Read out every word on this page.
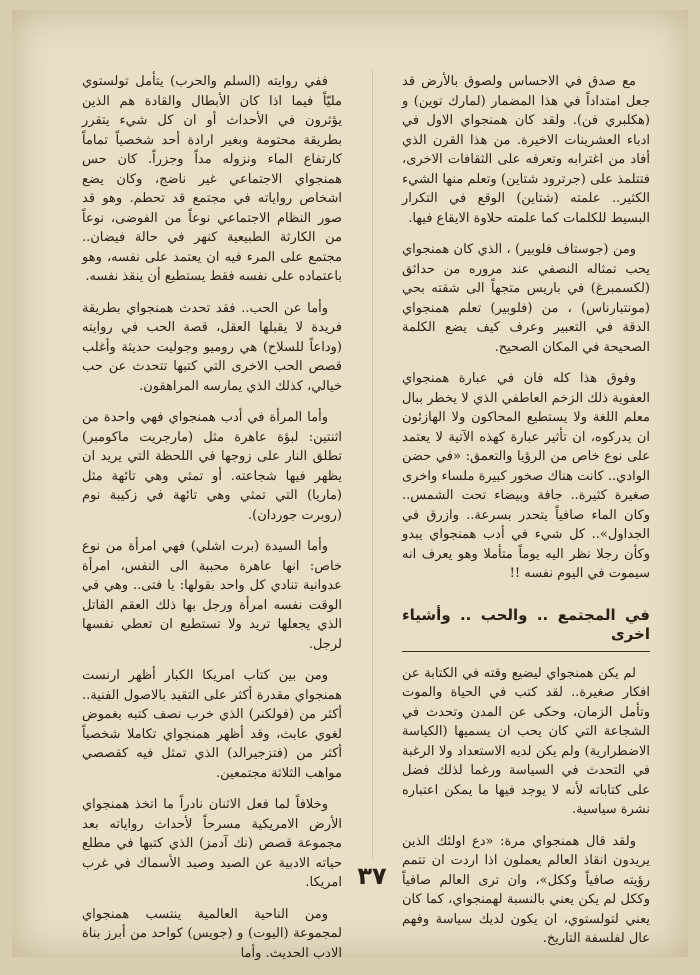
مع صدق في الاحساس ولصوق بالأرض قد جعل امتداداً في هذا المضمار (لمارك توين) و (هكلبري فن). ولقد كان همنجواي الاول في ادباء العشرينات الاخيرة. من هذا القرن الذي أفاد من اغترابه وتعرفه على الثقافات الاخرى، فتتلمذ على (جرترود شتاين) وتعلم منها الشيء الكثير.. علمته (شتاين) الوقع في التكرار البسيط للكلمات كما علمته حلاوة الايقاع فيها.

ومن (جوستاف فلوبير) ، الذي كان همنجواي يحب تمثاله النصفي عند مروره من حدائق (لكسمبرغ) في باريس متجهاً الى شقته بحي (مونتبارناس) ، من (فلوبير) تعلم همنجواي الدقة في التعبير وعرف كيف يضع الكلمة الصحيحة في المكان الصحيح.

وفوق هذا كله فان في عبارة همنجواي العفوية ذلك الزخم العاطفي الذي لا يخطر ببال معلم اللغة ولا يستطيع المحاكون ولا الهازئون ان يدركوه، ان تأثير عبارة كهذه الآتية لا يعتمد على نوع خاص من الرؤيا والتعمق: «في حضن الوادي.. كانت هناك صخور كبيرة ملساء واخرى صغيرة كثيرة.. جافة وبيضاء تحت الشمس.. وكان الماء صافياً يتحدر بسرعة.. وازرق في الجداول».. كل شيء في أدب همنجواي يبدو وكأن رجلا نظر اليه يوماً متأملا وهو يعرف انه سيموت في اليوم نفسه !!

في المجتمع .. والحب .. وأشياء اخرى

لم يكن همنجواي ليضيع وقته في الكتابة عن افكار صغيرة.. لقد كتب في الحياة والموت وتأمل الزمان، وحكى عن المدن وتحدث في الشجاعة التي كان يحب ان يسميها (الكياسة الاضطرارية) ولم يكن لديه الاستعداد ولا الرغبة في التحدث في السياسة ورغما لذلك فضل على كتاباته لأنه لا يوجد فيها ما يمكن اعتباره نشرة سياسية.

ولقد قال همنجواي مرة: «دع اولئك الذين يريدون انقاذ العالم يعملون اذا اردت ان تتمم رؤيته صافياً وككل»، وان ترى العالم صافياً وككل لم يكن يعني بالنسبة لهمنجواي، كما كان يعني لتولستوي، ان يكون لديك سياسة وفهم عال لفلسفة التاريخ.

ففي روايته (السلم والحرب) يتأمل تولستوي مليّاً فيما اذا كان الأبطال والقادة هم الذين يؤثرون في الأحداث أو ان كل شيء يتقرر بطريقة محتومة وبغير ارادة أحد شخصياً تماماً كارتفاع الماء ونزوله مداً وجزراً. كان حس همنجواي الاجتماعي غير ناضج، وكان يضع اشخاص رواياته في مجتمع قد تحطم. وهو قد صور النظام الاجتماعي نوعاً من الفوضى، نوعاً من الكارثة الطبيعية كنهر في حالة فيضان.. مجتمع على المرء فيه ان يعتمد على نفسه، وهو باعتماده على نفسه فقط يستطيع أن ينقذ نفسه.

وأما عن الحب.. فقد تحدث همنجواي بطريقة فريدة لا يقبلها العقل، قصة الحب في روايته (وداعاً للسلاح) هي روميو وجوليت حديثة وأغلب قصص الحب الاخرى التي كتبها تتحدث عن حب خيالي، كذلك الذي يمارسه المراهقون.

وأما المرأة في أدب همنجواي فهي واحدة من اثنتين: لبؤة عاهرة مثل (مارجريت ماكومبر) تطلق النار على زوجها في اللحظة التي يريد ان يظهر فيها شجاعته. أو تمثي وهي تائهة مثل (ماريا) التي تمثي وهي تائهة في زكيبة نوم (روبرت جوردان).

وأما السيدة (برت اشلي) فهي امرأة من نوع خاص: انها عاهرة محببة الى النفس، امرأة عدوانية تنادي كل واحد بقولها: يا فتى.. وهي في الوقت نفسه امرأة ورجل بها ذلك العقم القاتل الذي يجعلها تريد ولا تستطيع ان تعطي نفسها لرجل.

ومن بين كتاب امريكا الكبار أظهر ارنست همنجواي مقدرة أكثر على التقيد بالاصول الفنية.. أكثر من (فولكنر) الذي خرب نصف كتبه بغموض لغوي عابث، وقد أظهر همنجواي تكاملا شخصياً أكثر من (فتزجيرالد) الذي تمثل فيه كقصصي مواهب الثلاثة مجتمعين.

وخلافاً لما فعل الاثنان نادراً ما اتخذ همنجواي الأرض الامريكية مسرحاً لأحداث رواياته بعد مجموعة قصص (نك آدمز) الذي كتبها في مطلع حياته الادبية عن الصيد وصيد الأسماك في غرب امريكا.

ومن الناحية العالمية ينتسب همنجواي لمجموعة (اليوت) و (جويس) كواحد من أبرز بناة الادب الحديث. وأما

٣٧
